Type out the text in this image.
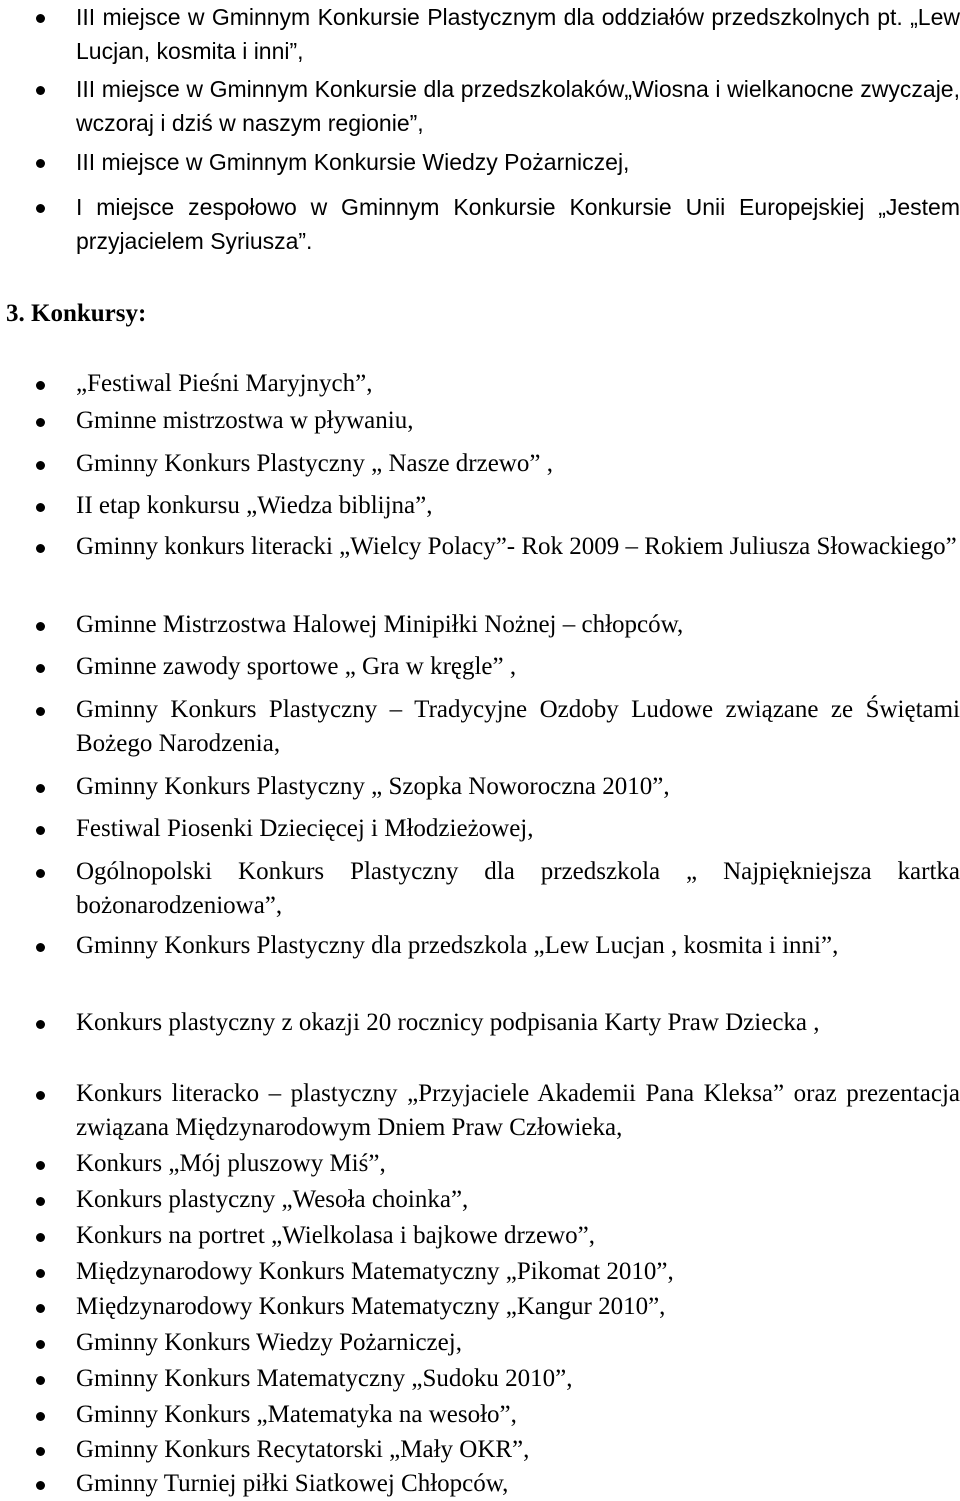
III miejsce w Gminnym Konkursie Plastycznym dla oddziałów przedszkolnych pt. „Lew Lucjan, kosmita i inni”,
III miejsce w Gminnym Konkursie dla przedszkolaków„Wiosna i wielkanocne zwyczaje, wczoraj i dziś w naszym regionie”,
III miejsce w Gminnym Konkursie Wiedzy Pożarniczej,
I miejsce zespołowo w Gminnym Konkursie Konkursie Unii Europejskiej „Jestem przyjacielem Syriusza”.
3. Konkursy:
„Festiwal Pieśni Maryjnych”,
Gminne mistrzostwa w pływaniu,
Gminny Konkurs Plastyczny „ Nasze drzewo” ,
II etap konkursu „Wiedza biblijna”,
Gminny konkurs literacki „Wielcy Polacy”- Rok 2009 – Rokiem Juliusza Słowackiego”
Gminne Mistrzostwa Halowej Minipiłki Nożnej – chłopców,
Gminne zawody sportowe „ Gra w kręgle” ,
Gminny Konkurs Plastyczny – Tradycyjne Ozdoby Ludowe związane ze Świętami Bożego Narodzenia,
Gminny Konkurs Plastyczny „ Szopka Noworoczna 2010”,
Festiwal Piosenki Dziecięcej i Młodzieżowej,
Ogólnopolski Konkurs Plastyczny dla przedszkola „ Najpiękniejsza kartka bożonarodzeniowa”,
Gminny Konkurs Plastyczny dla przedszkola „Lew Lucjan , kosmita i inni”,
Konkurs plastyczny z okazji 20 rocznicy podpisania Karty Praw Dziecka ,
Konkurs literacko – plastyczny „Przyjaciele Akademii Pana Kleksa” oraz prezentacja związana Międzynarodowym Dniem Praw Człowieka,
Konkurs „Mój pluszowy Miś”,
Konkurs plastyczny „Wesoła choinka”,
Konkurs na portret „Wielkolasa i bajkowe drzewo”,
Międzynarodowy Konkurs Matematyczny „Pikomat 2010”,
Międzynarodowy Konkurs Matematyczny „Kangur 2010”,
Gminny Konkurs Wiedzy Pożarniczej,
Gminny Konkurs Matematyczny „Sudoku 2010”,
Gminny Konkurs „Matematyka na wesoło”,
Gminny Konkurs Recytatorski „Mały OKR”,
Gminny Turniej piłki Siatkowej Chłopców,
